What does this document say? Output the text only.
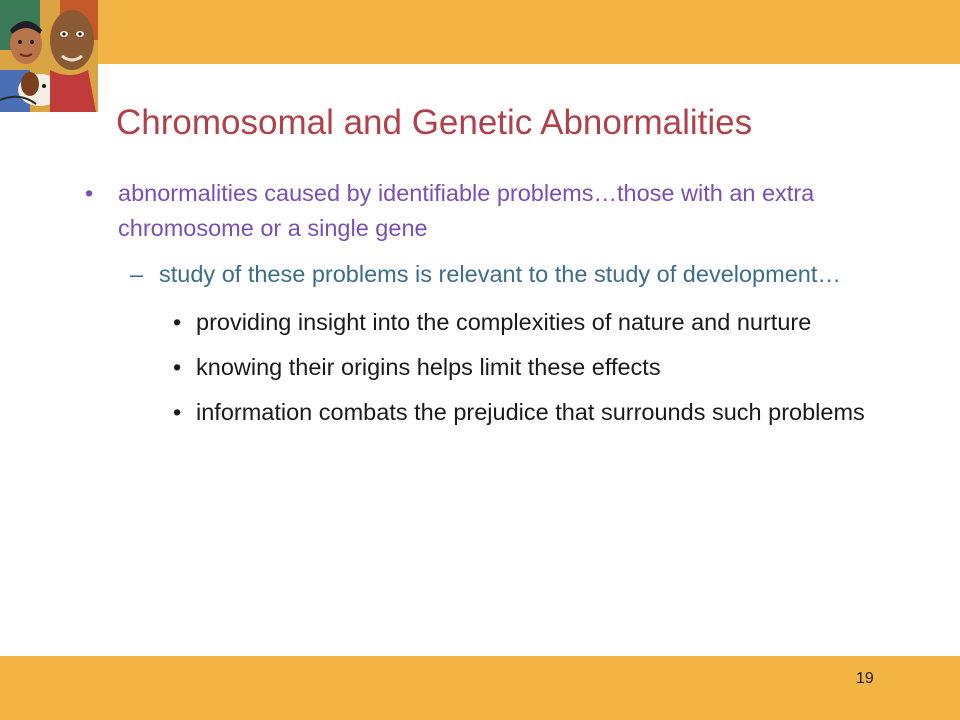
Chromosomal and Genetic Abnormalities
• abnormalities caused by identifiable problems…those with an extra chromosome or a single gene
– study of these problems is relevant to the study of development…
• providing insight into the complexities of nature and nurture
• knowing their origins helps limit these effects
• information combats the prejudice that surrounds such problems
19
